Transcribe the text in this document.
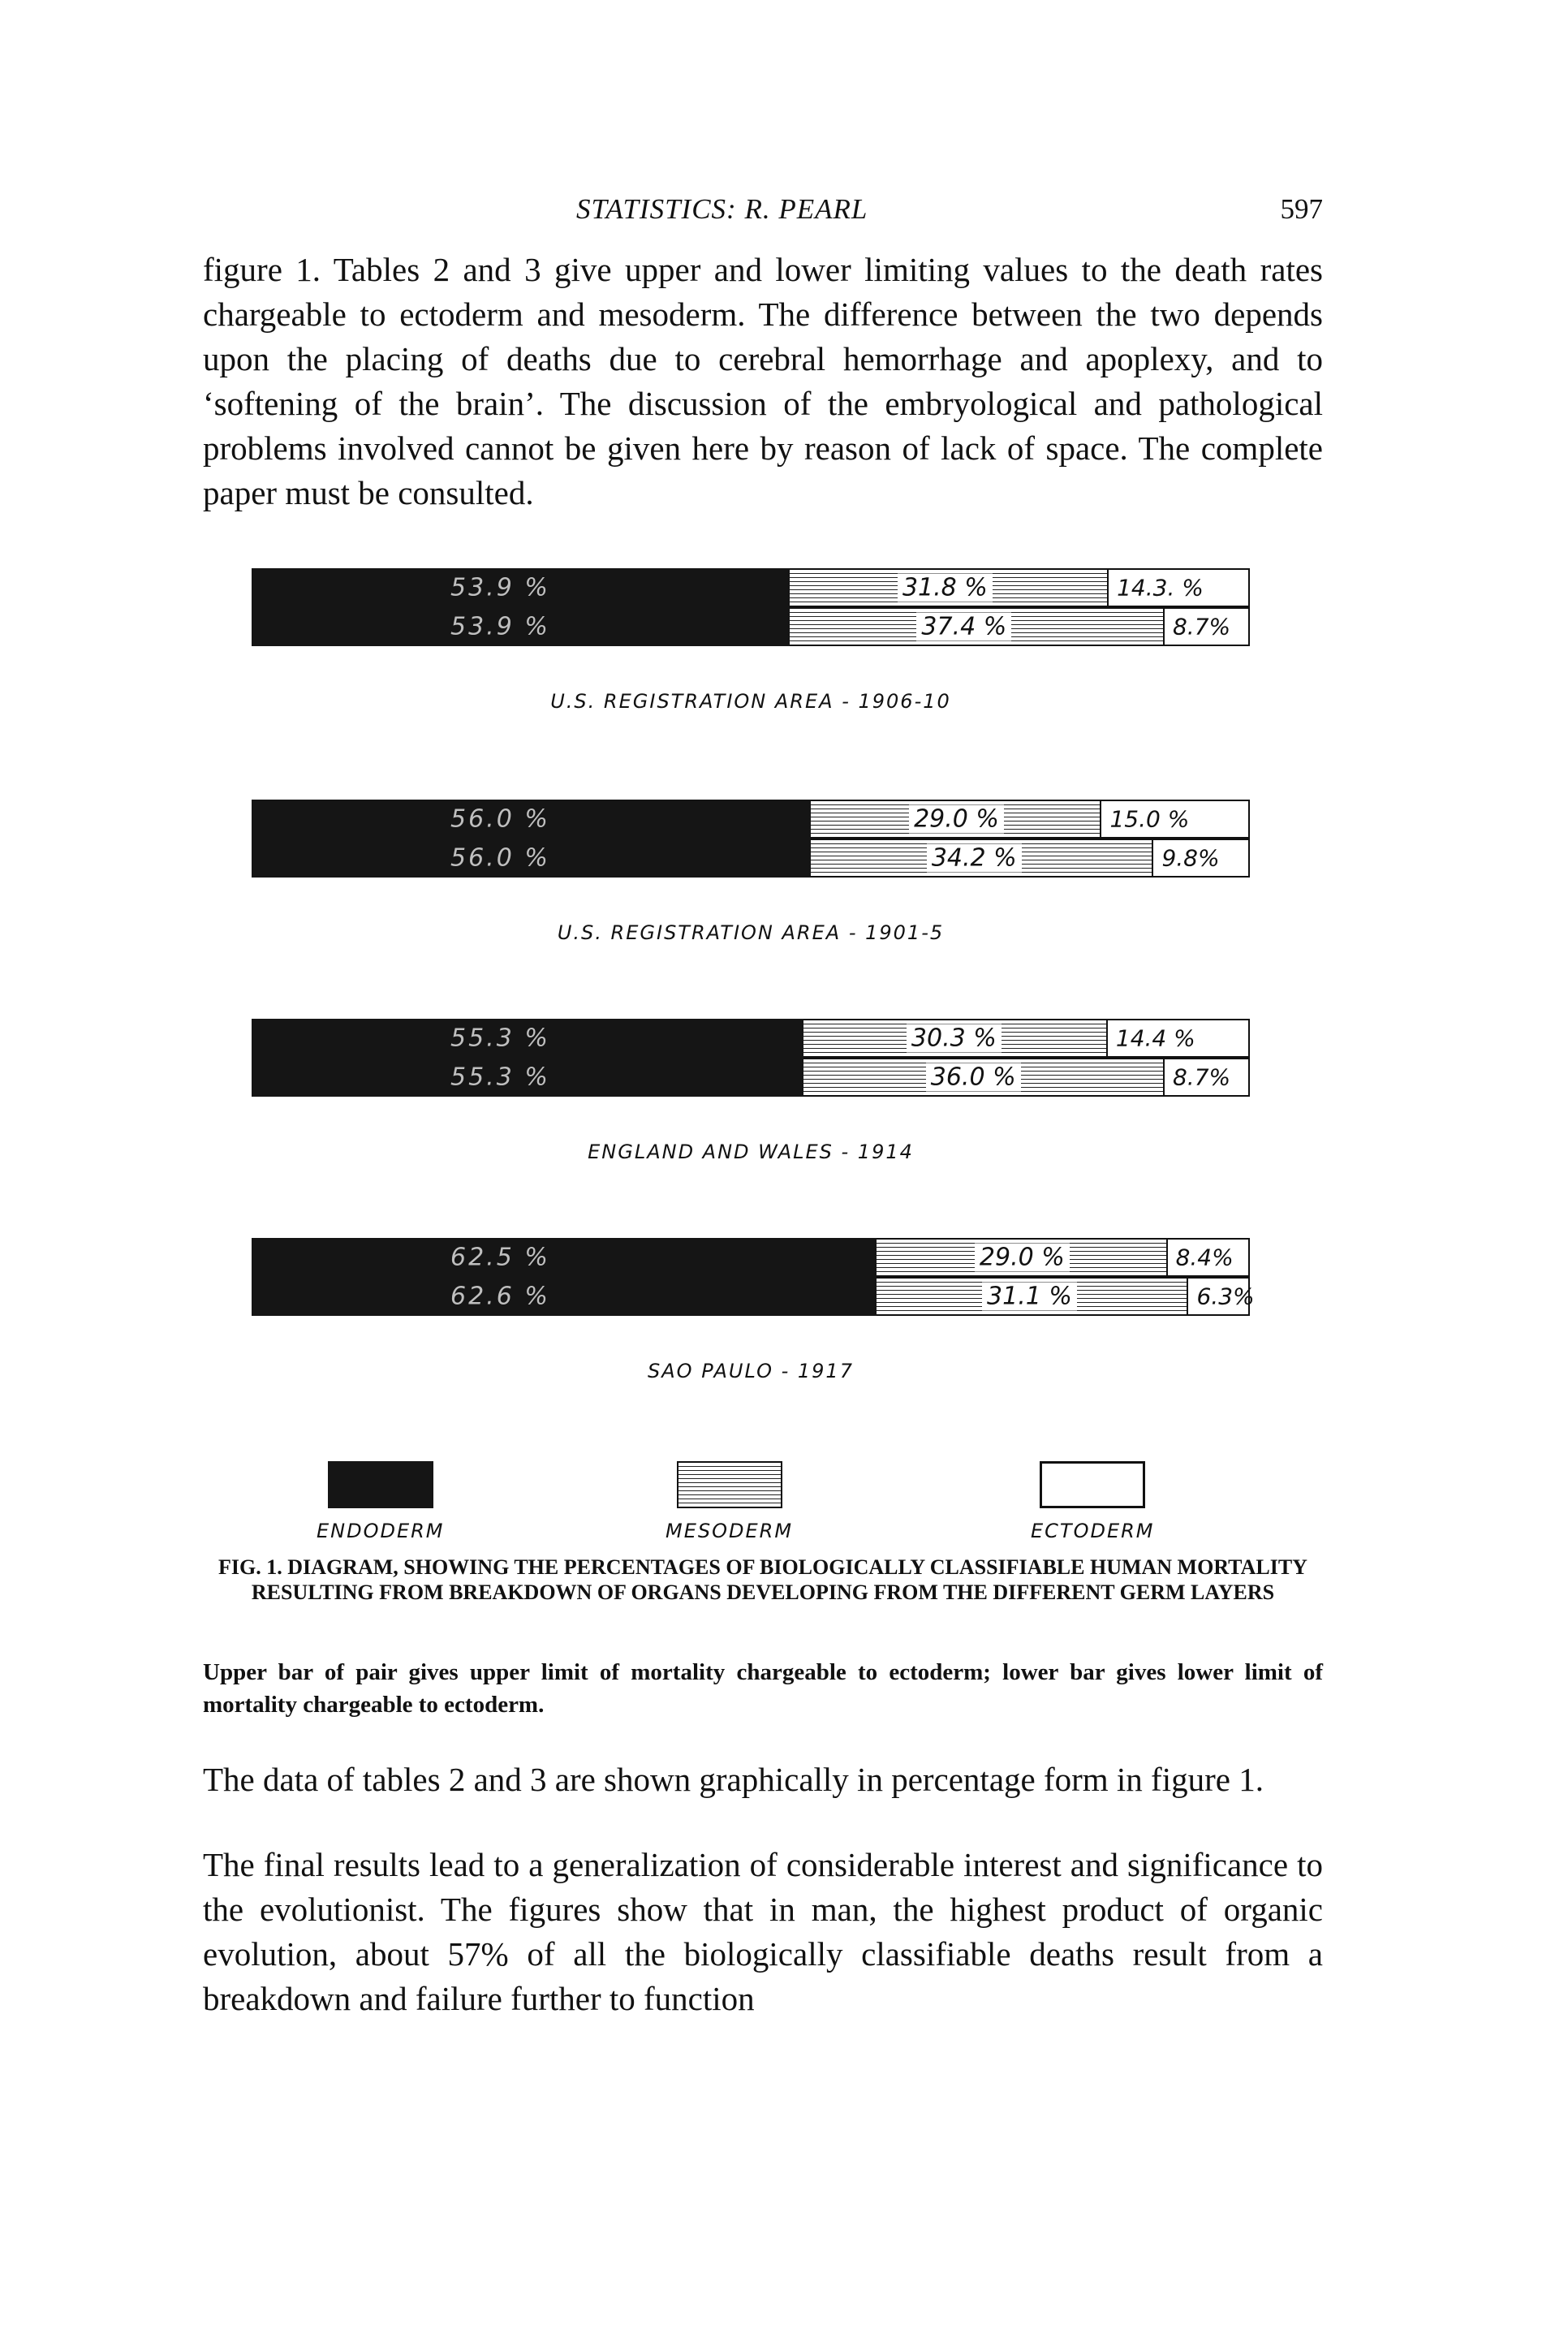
STATISTICS: R. PEARL	597

figure 1. Tables 2 and 3 give upper and lower limiting values to the death rates chargeable to ectoderm and mesoderm. The difference between the two depends upon the placing of deaths due to cerebral hemorrhage and apoplexy, and to ‘softening of the brain’. The discussion of the embryological and pathological problems involved cannot be given here by reason of lack of space. The complete paper must be consulted.

53.9 %	31.8 %	14.3. %
53.9 %	37.4 %	8.7%
U.S. REGISTRATION AREA - 1906-10
56.0 %	29.0 %	15.0 %
56.0 %	34.2 %	9.8%
U.S. REGISTRATION AREA - 1901-5
55.3 %	30.3 %	14.4 %
55.3 %	36.0 %	8.7%
ENGLAND AND WALES - 1914
62.5 %	29.0 %	8.4%
62.6 %	31.1 %	6.3%
SAO PAULO - 1917
ENDODERM	MESODERM	ECTODERM
FIG. 1. DIAGRAM, SHOWING THE PERCENTAGES OF BIOLOGICALLY CLASSIFIABLE HUMAN MORTALITY RESULTING FROM BREAKDOWN OF ORGANS DEVELOPING FROM THE DIFFERENT GERM LAYERS
Upper bar of pair gives upper limit of mortality chargeable to ectoderm; lower bar gives lower limit of mortality chargeable to ectoderm.

The data of tables 2 and 3 are shown graphically in percentage form in figure 1.

The final results lead to a generalization of considerable interest and significance to the evolutionist. The figures show that in man, the highest product of organic evolution, about 57% of all the biologically classifiable deaths result from a breakdown and failure further to function
